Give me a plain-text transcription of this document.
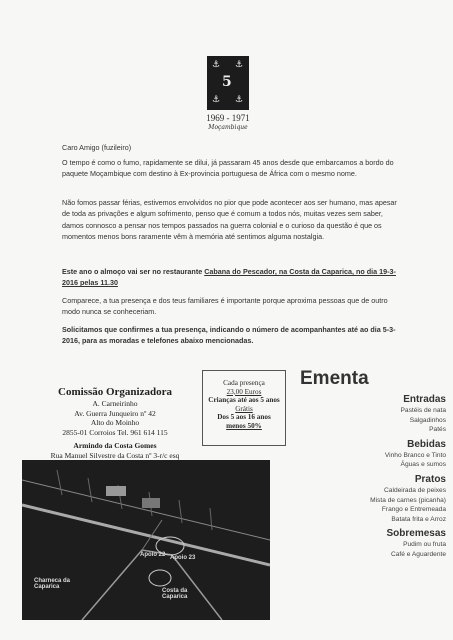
⚓ ⚓
⚓ ⚓
5
1969 - 1971
Moçambique
Caro Amigo (fuzileiro)
O tempo é como o fumo, rapidamente se dilui, já passaram 45 anos desde que embarcamos a bordo do paquete Moçambique com destino à Ex-provincia portuguesa de África com o mesmo nome.
Não fomos passar férias, estivemos envolvidos no pior que pode acontecer aos ser humano, mas apesar de toda as privações e algum sofrimento, penso que é comum a todos nós, muitas vezes sem saber, damos connosco a pensar nos tempos passados na guerra colonial e o curioso da questão é que os momentos menos bons raramente vêm à memória até sentimos alguma nostalgia.
Este ano o almoço vai ser no restaurante Cabana do Pescador, na Costa da Caparica, no dia 19-3-2016 pelas 11.30
Comparece, a tua presença e dos teus familiares é importante porque aproxima pessoas que de outro modo nunca se conheceriam.
Solicitamos que confirmes a tua presença, indicando o número de acompanhantes até ao dia 5-3-2016, para as moradas e telefones abaixo mencionadas.
Comissão Organizadora
A. Carneirinho
Av. Guerra Junqueiro nº 42
Alto do Moinho
2855-01 Corroios Tel. 961 614 115
Armindo da Costa Gomes
Rua Manuel Silvestre da Costa nº 3-r/c esq
Cada presença
23,00 Euros
Crianças até aos 5 anos
Grátis
Dos 5 aos 16 anos
menos 50%
Ementa
Entradas
Pastéis de nata
Salgadinhos
Patés
Bebidas
Vinho Branco e Tinto
Águas e sumos
Pratos
Caldeirada de peixes
Mista de carnes (picanha)
Frango e Entremeada
Batata frita e Arroz
Sobremesas
Pudim ou fruta
Café e Aguardente
Apoio 22 Apoio 23
Charneca da Caparica
Costa da Caparica
